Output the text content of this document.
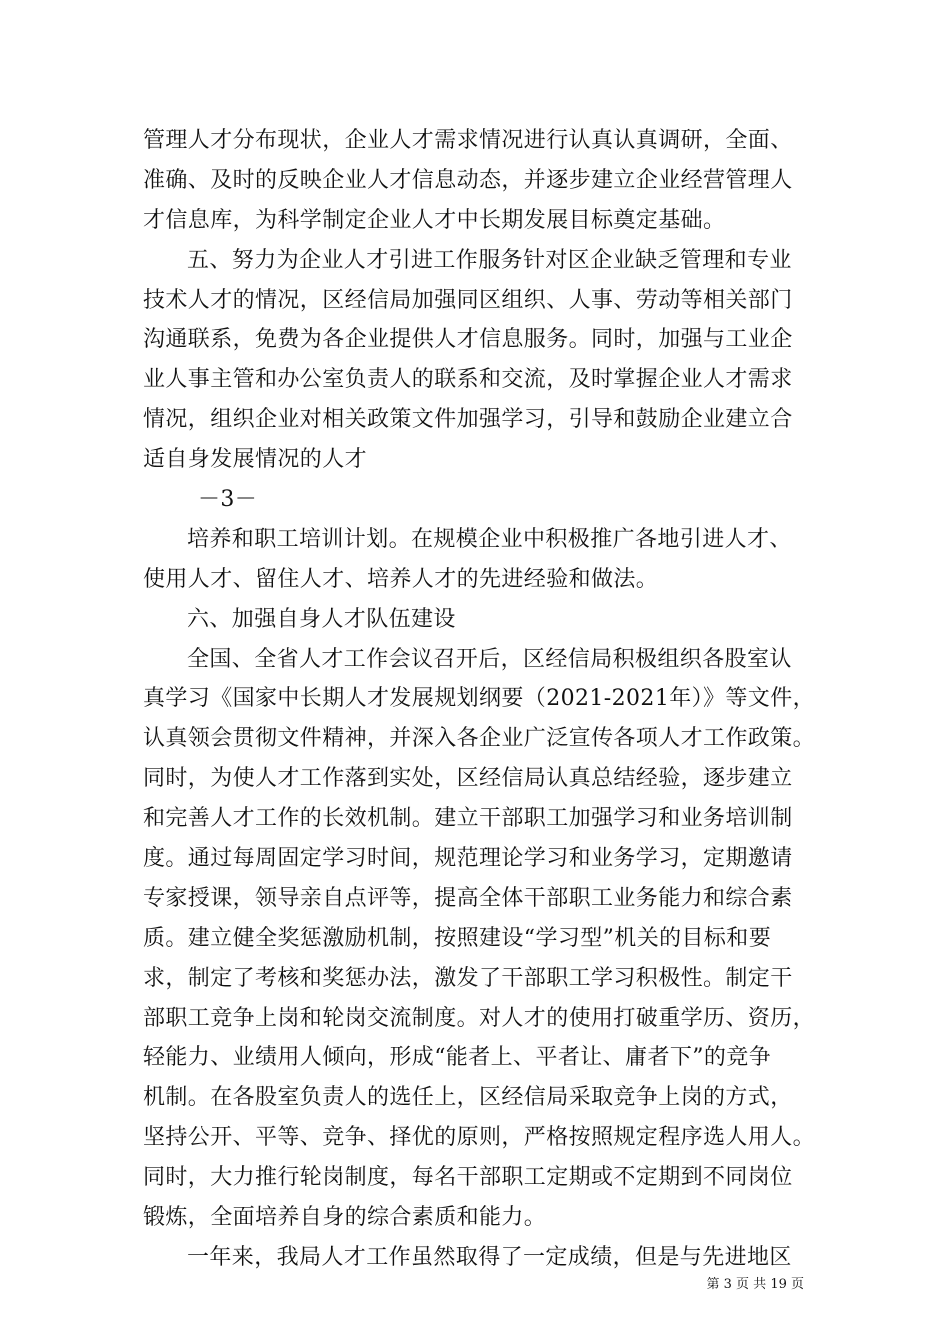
管理人才分布现状，企业人才需求情况进行认真认真调研，全面、
准确、及时的反映企业人才信息动态，并逐步建立企业经营管理人
才信息库，为科学制定企业人才中长期发展目标奠定基础。
五、努力为企业人才引进工作服务针对区企业缺乏管理和专业
技术人才的情况，区经信局加强同区组织、人事、劳动等相关部门
沟通联系，免费为各企业提供人才信息服务。同时，加强与工业企
业人事主管和办公室负责人的联系和交流，及时掌握企业人才需求
情况，组织企业对相关政策文件加强学习，引导和鼓励企业建立合
适自身发展情况的人才
－3－
培养和职工培训计划。在规模企业中积极推广各地引进人才、
使用人才、留住人才、培养人才的先进经验和做法。
六、加强自身人才队伍建设
全国、全省人才工作会议召开后，区经信局积极组织各股室认
真学习《国家中长期人才发展规划纲要（2021-2021年）》等文件，
认真领会贯彻文件精神，并深入各企业广泛宣传各项人才工作政策。
同时，为使人才工作落到实处，区经信局认真总结经验，逐步建立
和完善人才工作的长效机制。建立干部职工加强学习和业务培训制
度。通过每周固定学习时间，规范理论学习和业务学习，定期邀请
专家授课，领导亲自点评等，提高全体干部职工业务能力和综合素
质。建立健全奖惩激励机制，按照建设“学习型”机关的目标和要
求，制定了考核和奖惩办法，激发了干部职工学习积极性。制定干
部职工竞争上岗和轮岗交流制度。对人才的使用打破重学历、资历，
轻能力、业绩用人倾向，形成“能者上、平者让、庸者下”的竞争
机制。在各股室负责人的选任上，区经信局采取竞争上岗的方式，
坚持公开、平等、竞争、择优的原则，严格按照规定程序选人用人。
同时，大力推行轮岗制度，每名干部职工定期或不定期到不同岗位
锻炼，全面培养自身的综合素质和能力。
一年来，我局人才工作虽然取得了一定成绩，但是与先进地区
第 3 页 共 19 页
